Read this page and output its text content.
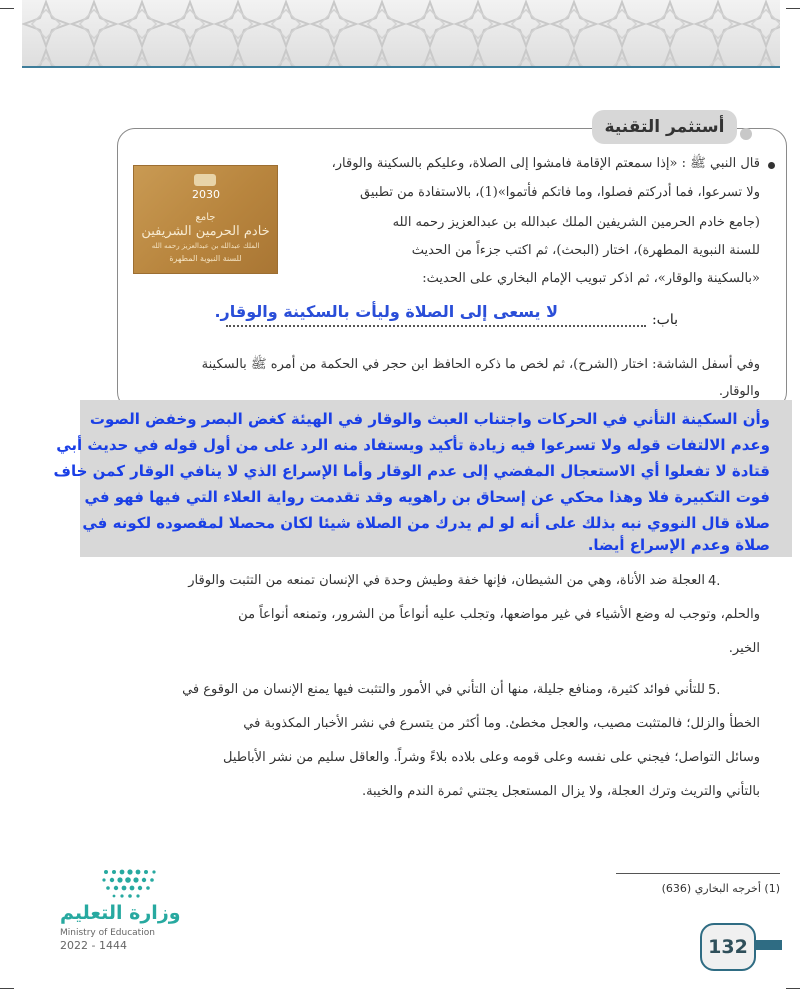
أستثمر التقنية
2030
جامع
خادم الحرمين الشريفين
الملك عبدالله بن عبدالعزيز رحمه الله
للسنة النبوية المطهرة
قال النبي ﷺ : «إذا سمعتم الإقامة فامشوا إلى الصلاة، وعليكم بالسكينة والوقار،
ولا تسرعوا، فما أدركتم فصلوا، وما فاتكم فأتموا»(1)، بالاستفادة من تطبيق
(جامع خادم الحرمين الشريفين الملك عبدالله بن عبدالعزيز رحمه الله
للسنة النبوية المطهرة)، اختار (البحث)، ثم اكتب جزءاً من الحديث
«بالسكينة والوقار»، ثم اذكر تبويب الإمام البخاري على الحديث:
باب:
لا يسعى إلى الصلاة وليأت بالسكينة والوقار.
وفي أسفل الشاشة: اختار (الشرح)، ثم لخص ما ذكره الحافظ ابن حجر في الحكمة من أمره ﷺ بالسكينة
والوقار.
وأن السكينة التأني في الحركات واجتناب العبث والوقار في الهيئة كغض البصر وخفض الصوت
وعدم الالتفات قوله ولا تسرعوا فيه زيادة تأكيد ويستفاد منه الرد على من أول قوله في حديث أبي
قتادة لا تفعلوا أي الاستعجال المفضي إلى عدم الوقار وأما الإسراع الذي لا ينافي الوقار كمن خاف
فوت التكبيرة فلا وهذا محكي عن إسحاق بن راهويه وقد تقدمت رواية العلاء التي فيها فهو في
صلاة قال النووي نبه بذلك على أنه لو لم يدرك من الصلاة شيئا لكان محصلا لمقصوده لكونه في
صلاة وعدم الإسراع أيضا.
4.
العجلة ضد الأناة، وهي من الشيطان، فإنها خفة وطيش وحدة في الإنسان تمنعه من التثبت والوقار
والحلم، وتوجب له وضع الأشياء في غير مواضعها، وتجلب عليه أنواعاً من الشرور، وتمنعه أنواعاً من
الخير.
5.
للتأني فوائد كثيرة، ومنافع جليلة، منها أن التأني في الأمور والتثبت فيها يمنع الإنسان من الوقوع في
الخطأ والزلل؛ فالمتثبت مصيب، والعجل مخطئ. وما أكثر من يتسرع في نشر الأخبار المكذوبة في
وسائل التواصل؛ فيجني على نفسه وعلى قومه وعلى بلاده بلاءً وشراً. والعاقل سليم من نشر الأباطيل
بالتأني والتريث وترك العجلة، ولا يزال المستعجل يجتني ثمرة الندم والخيبة.
(1) أخرجه البخاري (636)
وزارة التعليم
Ministry of Education
2022 - 1444	132
